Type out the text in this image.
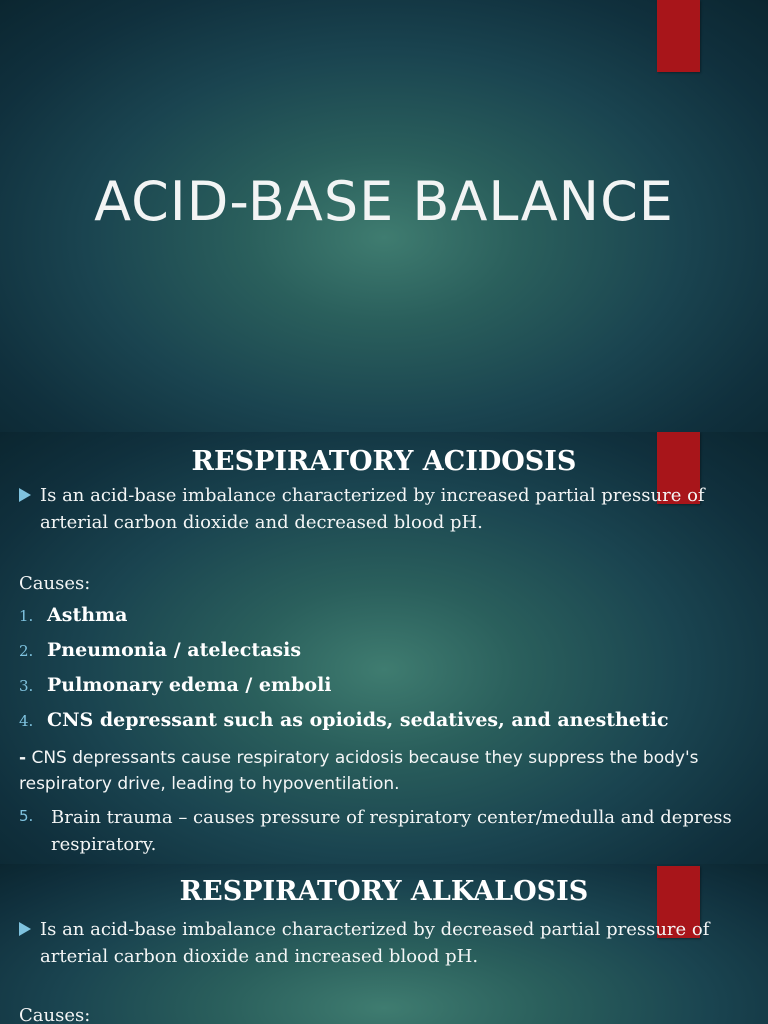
ACID-BASE BALANCE
RESPIRATORY ACIDOSIS
Is an acid-base imbalance characterized by increased partial pressure of arterial carbon dioxide and decreased blood pH.
Causes:
1. Asthma
2. Pneumonia / atelectasis
3. Pulmonary edema / emboli
4. CNS depressant such as opioids, sedatives, and anesthetic
- CNS depressants cause respiratory acidosis because they suppress the body's respiratory drive, leading to hypoventilation.
5. Brain trauma – causes pressure of respiratory center/medulla and depress respiratory.
RESPIRATORY ALKALOSIS
Is an acid-base imbalance characterized by decreased partial pressure of arterial carbon dioxide and increased blood pH.
Causes:
